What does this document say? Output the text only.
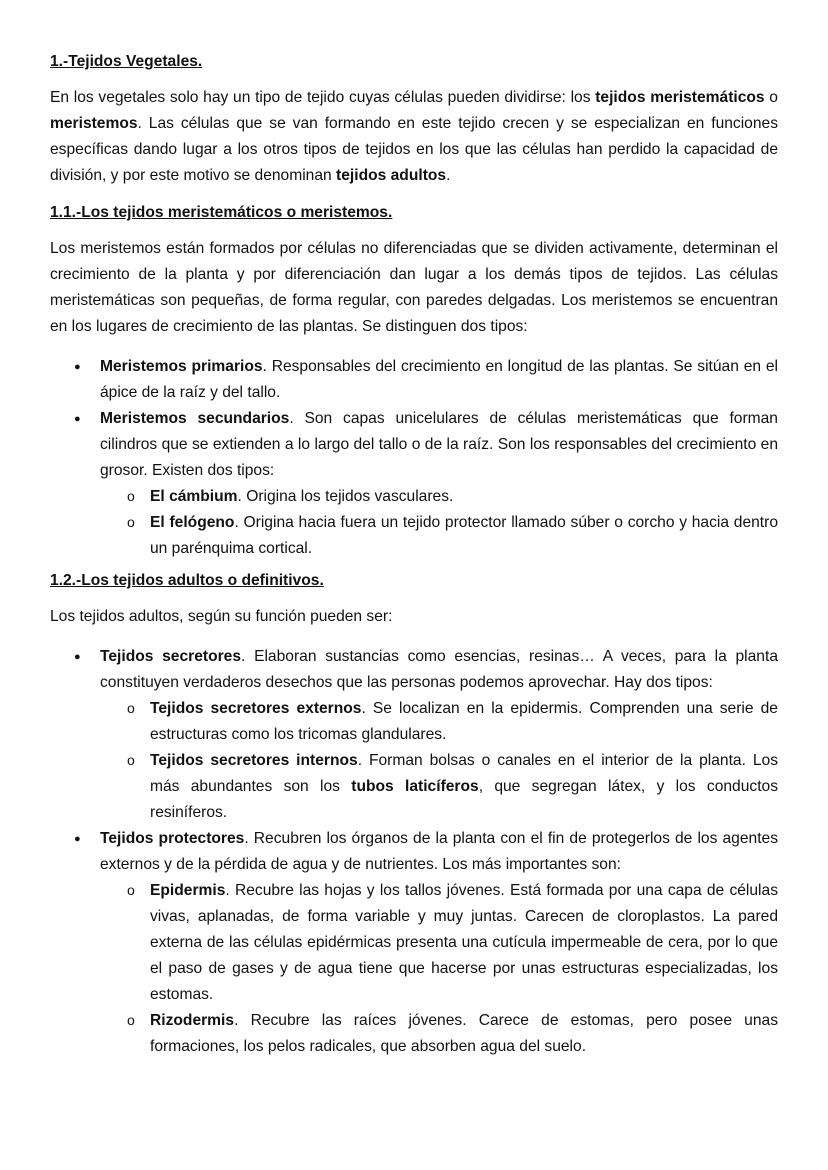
1.-Tejidos Vegetales.

En los vegetales solo hay un tipo de tejido cuyas células pueden dividirse: los tejidos meristemáticos o meristemos. Las células que se van formando en este tejido crecen y se especializan en funciones específicas dando lugar a los otros tipos de tejidos en los que las células han perdido la capacidad de división, y por este motivo se denominan tejidos adultos.

1.1.-Los tejidos meristemáticos o meristemos.

Los meristemos están formados por células no diferenciadas que se dividen activamente, determinan el crecimiento de la planta y por diferenciación dan lugar a los demás tipos de tejidos. Las células meristemáticas son pequeñas, de forma regular, con paredes delgadas. Los meristemos se encuentran en los lugares de crecimiento de las plantas. Se distinguen dos tipos:

● Meristemos primarios. Responsables del crecimiento en longitud de las plantas. Se sitúan en el ápice de la raíz y del tallo.
● Meristemos secundarios. Son capas unicelulares de células meristemáticas que forman cilindros que se extienden a lo largo del tallo o de la raíz. Son los responsables del crecimiento en grosor. Existen dos tipos:
o El cámbium. Origina los tejidos vasculares.
o El felógeno. Origina hacia fuera un tejido protector llamado súber o corcho y hacia dentro un parénquima cortical.
1.2.-Los tejidos adultos o definitivos.

Los tejidos adultos, según su función pueden ser:

● Tejidos secretores. Elaboran sustancias como esencias, resinas… A veces, para la planta constituyen verdaderos desechos que las personas podemos aprovechar. Hay dos tipos:
o Tejidos secretores externos. Se localizan en la epidermis. Comprenden una serie de estructuras como los tricomas glandulares.
o Tejidos secretores internos. Forman bolsas o canales en el interior de la planta. Los más abundantes son los tubos laticíferos, que segregan látex, y los conductos resiníferos.
● Tejidos protectores. Recubren los órganos de la planta con el fin de protegerlos de los agentes externos y de la pérdida de agua y de nutrientes. Los más importantes son:
o Epidermis. Recubre las hojas y los tallos jóvenes. Está formada por una capa de células vivas, aplanadas, de forma variable y muy juntas. Carecen de cloroplastos. La pared externa de las células epidérmicas presenta una cutícula impermeable de cera, por lo que el paso de gases y de agua tiene que hacerse por unas estructuras especializadas, los estomas.
o Rizodermis. Recubre las raíces jóvenes. Carece de estomas, pero posee unas formaciones, los pelos radicales, que absorben agua del suelo.
